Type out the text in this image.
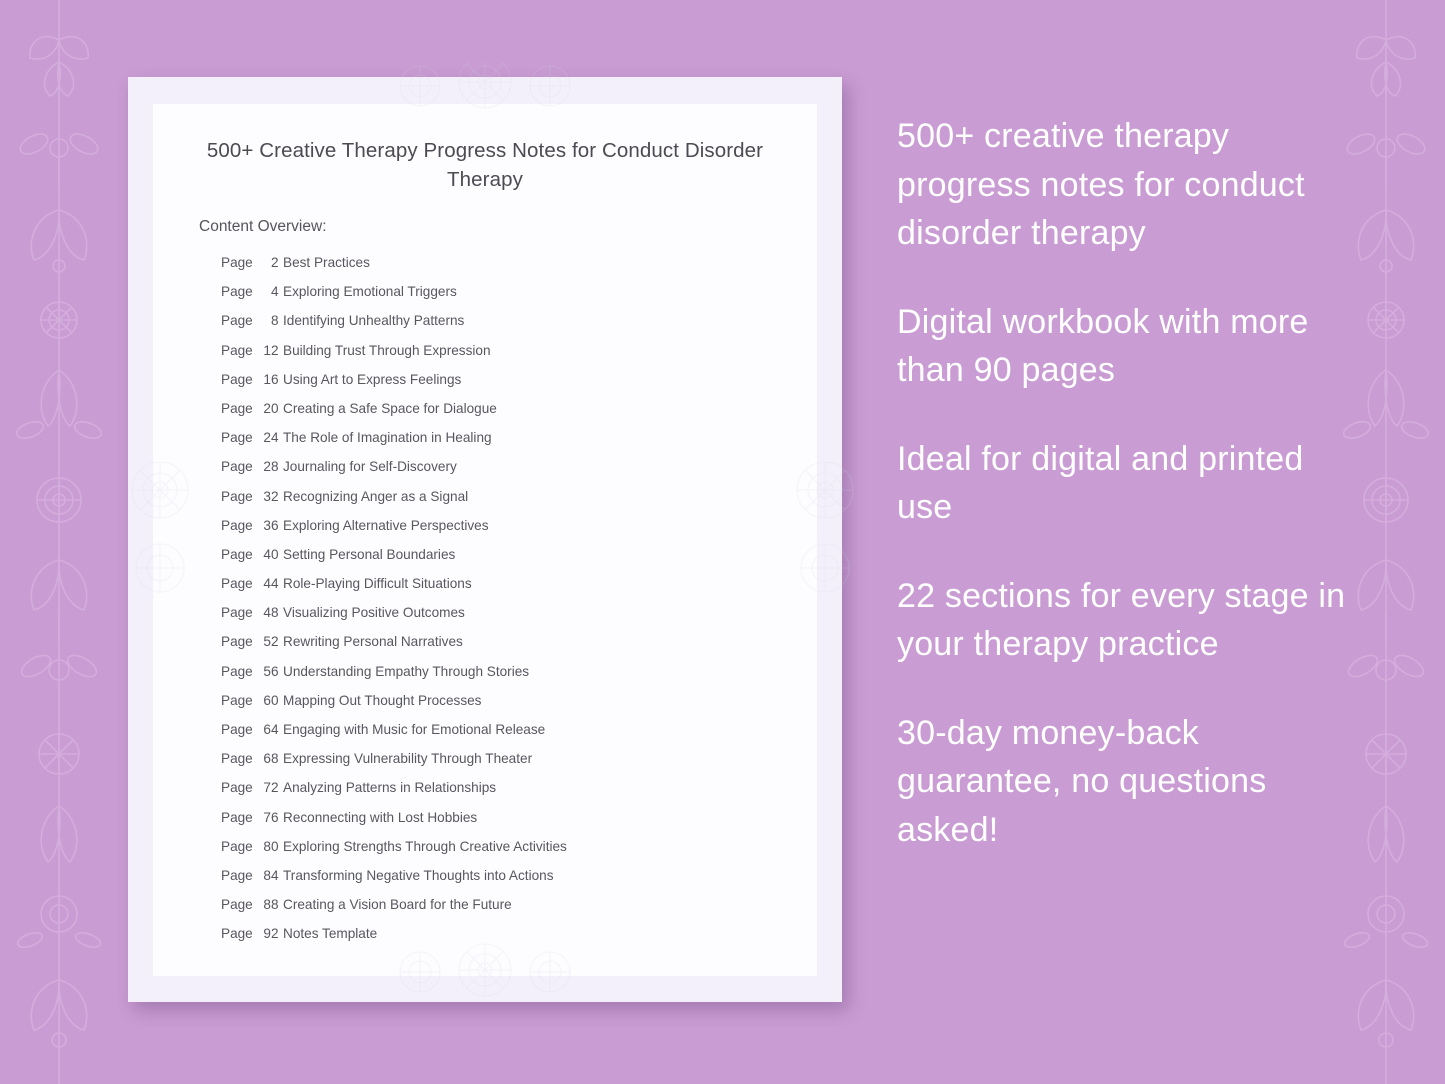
500+ Creative Therapy Progress Notes for Conduct Disorder Therapy
Content Overview:
Page 2 Best Practices
Page 4 Exploring Emotional Triggers
Page 8 Identifying Unhealthy Patterns
Page 12 Building Trust Through Expression
Page 16 Using Art to Express Feelings
Page 20 Creating a Safe Space for Dialogue
Page 24 The Role of Imagination in Healing
Page 28 Journaling for Self-Discovery
Page 32 Recognizing Anger as a Signal
Page 36 Exploring Alternative Perspectives
Page 40 Setting Personal Boundaries
Page 44 Role-Playing Difficult Situations
Page 48 Visualizing Positive Outcomes
Page 52 Rewriting Personal Narratives
Page 56 Understanding Empathy Through Stories
Page 60 Mapping Out Thought Processes
Page 64 Engaging with Music for Emotional Release
Page 68 Expressing Vulnerability Through Theater
Page 72 Analyzing Patterns in Relationships
Page 76 Reconnecting with Lost Hobbies
Page 80 Exploring Strengths Through Creative Activities
Page 84 Transforming Negative Thoughts into Actions
Page 88 Creating a Vision Board for the Future
Page 92 Notes Template
500+ creative therapy progress notes for conduct disorder therapy
Digital workbook with more than 90 pages
Ideal for digital and printed use
22 sections for every stage in your therapy practice
30-day money-back guarantee, no questions asked!
